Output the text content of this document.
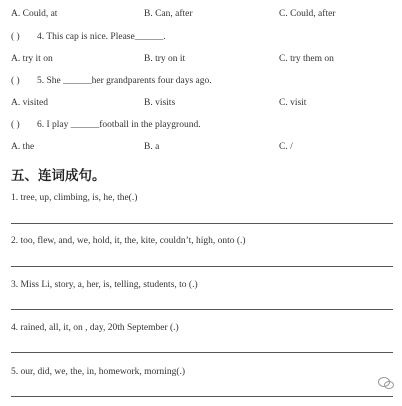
A. Could, at	B. Can, after	C. Could, after
( ) 4. This cap is nice. Please______.
A. try it on	B. try on it	C. try them on
( ) 5. She ______her grandparents four days ago.
A. visited	B. visits	C. visit
( ) 6. I play ______football in the playground.
A. the	B. a	C. /
五、连词成句。
1. tree, up, climbing, is, he, the(.)
2. too, flew, and, we, hold, it, the, kite, couldn’t, high, onto (.)
3. Miss Li, story, a, her, is, telling, students, to (.)
4. rained, all, it, on , day, 20th September (.)
5. our, did, we, the, in, homework, morning(.)
